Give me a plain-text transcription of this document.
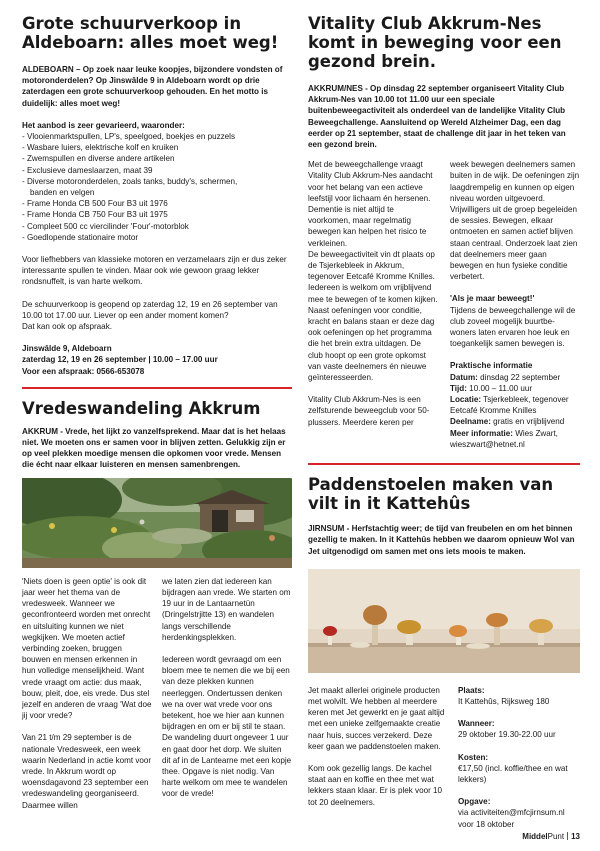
Grote schuurverkoop in Aldeboarn: alles moet weg!

ALDEBOARN – Op zoek naar leuke koopjes, bijzondere vondsten of motoronderdelen? Op Jinswâlde 9 in Aldeboarn wordt op drie zaterdagen een grote schuurverkoop gehouden. En het motto is duidelijk: alles moet weg!

Het aanbod is zeer gevarieerd, waaronder:

- Vlooienmarktspullen, LP's, speelgoed, boekjes en puzzels
- Wasbare luiers, elektrische kolf en kruiken
- Zwemspullen en diverse andere artikelen
- Exclusieve dameslaarzen, maat 39
- Diverse motoronderdelen, zoals tanks, buddy's, schermen,
banden en velgen
- Frame Honda CB 500 Four B3 uit 1976
- Frame Honda CB 750 Four B3 uit 1975
- Compleet 500 cc viercilinder 'Four'-motorblok
- Goedlopende stationaire motor

Voor liefhebbers van klassieke motoren en verzamelaars zijn er dus zeker interessante spullen te vinden. Maar ook wie gewoon graag lekker rondsnuffelt, is van harte welkom.

De schuurverkoop is geopend op zaterdag 12, 19 en 26 september van 10.00 tot 17.00 uur. Liever op een ander moment komen?

Dat kan ook op afspraak.

Jinswâlde 9, Aldeboarn

zaterdag 12, 19 en 26 september | 10.00 – 17.00 uur

Voor een afspraak: 0566-653078

Vredeswandeling Akkrum

AKKRUM - Vrede, het lijkt zo vanzelfsprekend. Maar dat is het helaas niet. We moeten ons er samen voor in blijven zetten. Gelukkig zijn er op veel plekken moedige mensen die opkomen voor vrede. Mensen die écht naar elkaar luisteren en mensen samenbrengen.

'Niets doen is geen optie' is ook dit jaar weer het thema van de vredesweek. Wanneer we geconfronteerd worden met onrecht en uitsluiting kunnen we niet wegkijken. We moeten actief verbinding zoeken, bruggen bouwen en mensen erkennen in hun volledige menselijkheid. Want vrede vraagt om actie: dus maak, bouw, pleit, doe, eis vrede. Dus stel jezelf en anderen de vraag 'Wat doe jij voor vrede?

Van 21 t/m 29 september is de nationale Vredesweek, een week waarin Nederland in actie komt voor vrede. In Akkrum wordt op woensdagavond 23 september een vredeswandeling georganiseerd. Daarmee willen

we laten zien dat iedereen kan bijdragen aan vrede. We starten om 19 uur in de Lantaarnetün (Dringelstrjitte 13) en wandelen langs verschillende herdenkingsplekken.

Iedereen wordt gevraagd om een bloem mee te nemen die we bij een van deze plekken kunnen neerleggen. Ondertussen denken we na over wat vrede voor ons betekent, hoe we hier aan kunnen bijdragen en om er bij stil te staan. De wandeling duurt ongeveer 1 uur en gaat door het dorp. We sluiten dit af in de Lantearne met een kopje thee. Opgave is niet nodig. Van harte welkom om mee te wandelen voor de vrede!

Vitality Club Akkrum-Nes komt in beweging voor een gezond brein.

AKKRUM/NES - Op dinsdag 22 september organiseert Vitality Club Akkrum-Nes van 10.00 tot 11.00 uur een speciale buitenbeweegactiviteit als onderdeel van de landelijke Vitality Club Beweegchallenge. Aansluitend op Wereld Alzheimer Dag, een dag eerder op 21 september, staat de challenge dit jaar in het teken van een gezond brein.

Met de beweegchallenge vraagt Vitality Club Akkrum-Nes aandacht voor het belang van een actieve leefstijl voor lichaam én hersenen. Dementie is niet altijd te voorkomen, maar regelmatig bewegen kan helpen het risico te verkleinen.

De beweegactiviteit vin dt plaats op de Tsjerkebleek in Akkrum, tegenover Eetcafé Kromme Knilles. Iedereen is welkom om vrijblijvend mee te bewegen of te komen kijken. Naast oefeningen voor conditie, kracht en balans staan er deze dag ook oefeningen op het programma die het brein extra uitdagen. De club hoopt op een grote opkomst van vaste deelnemers én nieuwe geïnteresseerden.

Vitality Club Akkrum-Nes is een zelfsturende beweegclub voor 50-plussers. Meerdere keren per

week bewegen deelnemers samen buiten in de wijk. De oefeningen zijn laagdrempelig en kunnen op eigen niveau worden uitgevoerd. Vrijwilligers uit de groep begeleiden de sessies. Bewegen, elkaar ontmoeten en samen actief blijven staan centraal. Onderzoek laat zien dat deelnemers meer gaan bewegen en hun fysieke conditie verbetert.

'Als je maar beweegt!'

Tijdens de beweegchallenge wil de club zoveel mogelijk buurtbe-woners laten ervaren hoe leuk en toegankelijk samen bewegen is.

Praktische informatie

Datum: dinsdag 22 september

Tijd: 10.00 – 11.00 uur

Locatie: Tsjerkebleek, tegenover Eetcafé Kromme Knilles

Deelname: gratis en vrijblijvend

Meer informatie: Wies Zwart, wieszwart@hetnet.nl

Paddenstoelen maken van vilt in it Kattehûs

JIRNSUM - Herfstachtig weer; de tijd van freubelen en om het binnen gezellig te maken. In it Kattehûs hebben we daarom opnieuw Wol van Jet uitgenodigd om samen met ons iets moois te maken.

Jet maakt allerlei originele producten met wolvilt. We hebben al meerdere keren met Jet gewerkt en je gaat altijd met een unieke zelfgemaakte creatie naar huis, succes verzekerd. Deze keer gaan we paddenstoelen maken.

Kom ook gezellig langs. De kachel staat aan en koffie en thee met wat lekkers staan klaar. Er is plek voor 10 tot 20 deelnemers.

Plaats:

It Kattehûs, Rijksweg 180

Wanneer:

29 oktober 19.30-22.00 uur

Kosten:

€17,50 (incl. koffie/thee en wat lekkers)

Opgave:

via activiteiten@mfcjirnsum.nl voor 18 oktober

MiddelPunt 13
